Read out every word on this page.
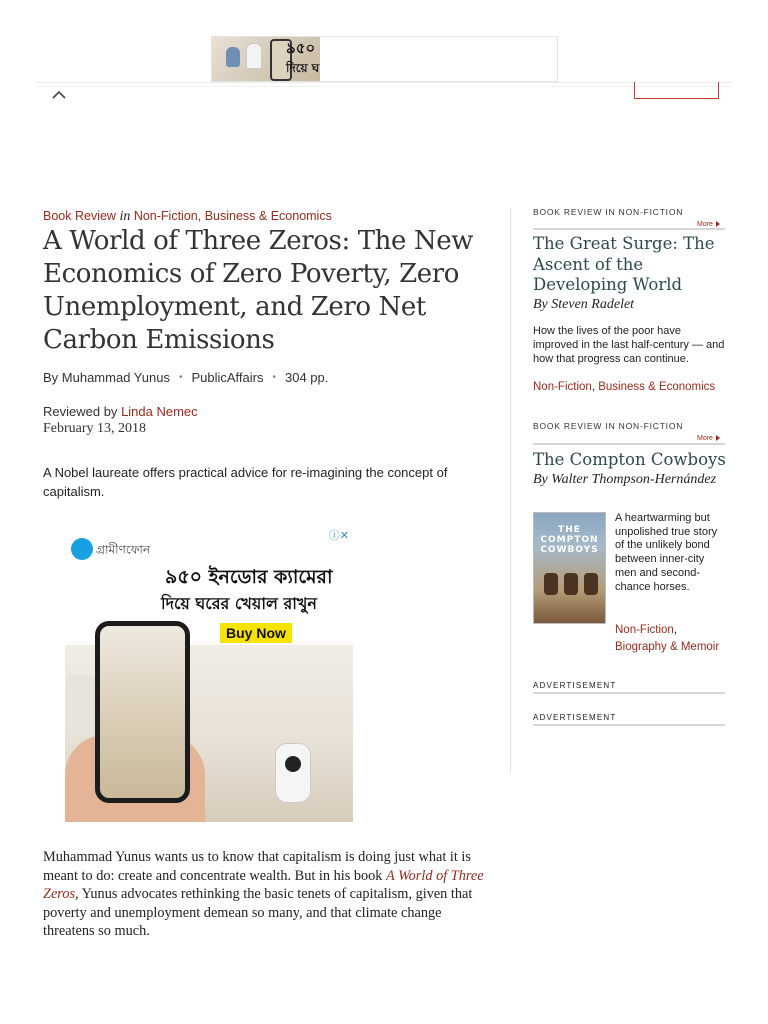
৯৫০
দিয়ে ঘ
Book Review in Non-Fiction, Business & Economics
A World of Three Zeros: The New Economics of Zero Poverty, Zero Unemployment, and Zero Net Carbon Emissions
By Muhammad Yunus • PublicAffairs • 304 pp.
Reviewed by Linda Nemec
February 13, 2018

A Nobel laureate offers practical advice for re-imagining the concept of capitalism.

গ্রামীণফোন
ⓘ✕
৯৫০ ইনডোর ক্যামেরা
দিয়ে ঘরের খেয়াল রাখুন
Buy Now

Muhammad Yunus wants us to know that capitalism is doing just what it is meant to do: create and concentrate wealth. But in his book A World of Three Zeros, Yunus advocates rethinking the basic tenets of capitalism, given that poverty and unemployment demean so many, and that climate change threatens so much.

BOOK REVIEW IN NON-FICTION
More
The Great Surge: The Ascent of the Developing World
By Steven Radelet
How the lives of the poor have improved in the last half-century — and how that progress can continue.
Non-Fiction, Business & Economics
BOOK REVIEW IN NON-FICTION
More
The Compton Cowboys
By Walter Thompson-Hernández
THE COMPTON COWBOYS
A heartwarming but unpolished true story of the unlikely bond between inner-city men and second-chance horses.
Non-Fiction,
Biography & Memoir
ADVERTISEMENT
ADVERTISEMENT
